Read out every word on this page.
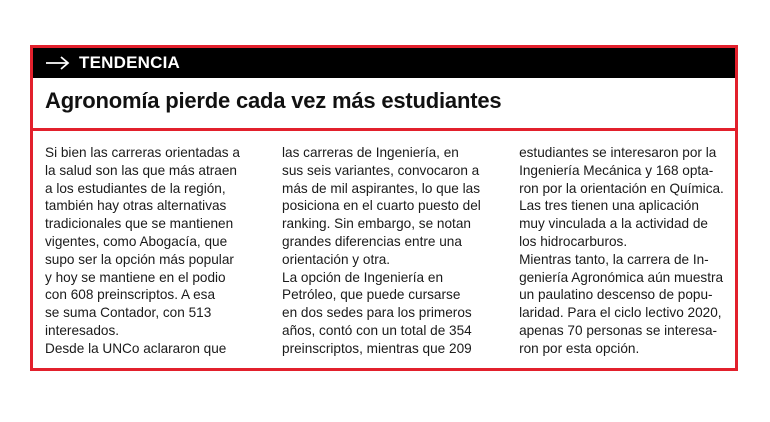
TENDENCIA
Agronomía pierde cada vez más estudiantes
Si bien las carreras orientadas a
la salud son las que más atraen
a los estudiantes de la región,
también hay otras alternativas
tradicionales que se mantienen
vigentes, como Abogacía, que
supo ser la opción más popular
y hoy se mantiene en el podio
con 608 preinscriptos. A esa
se suma Contador, con 513
interesados.
Desde la UNCo aclararon que
las carreras de Ingeniería, en
sus seis variantes, convocaron a
más de mil aspirantes, lo que las
posiciona en el cuarto puesto del
ranking. Sin embargo, se notan
grandes diferencias entre una
orientación y otra.
La opción de Ingeniería en
Petróleo, que puede cursarse
en dos sedes para los primeros
años, contó con un total de 354
preinscriptos, mientras que 209
estudiantes se interesaron por la
Ingeniería Mecánica y 168 opta-
ron por la orientación en Química.
Las tres tienen una aplicación
muy vinculada a la actividad de
los hidrocarburos.
Mientras tanto, la carrera de In-
geniería Agronómica aún muestra
un paulatino descenso de popu-
laridad. Para el ciclo lectivo 2020,
apenas 70 personas se interesa-
ron por esta opción.
